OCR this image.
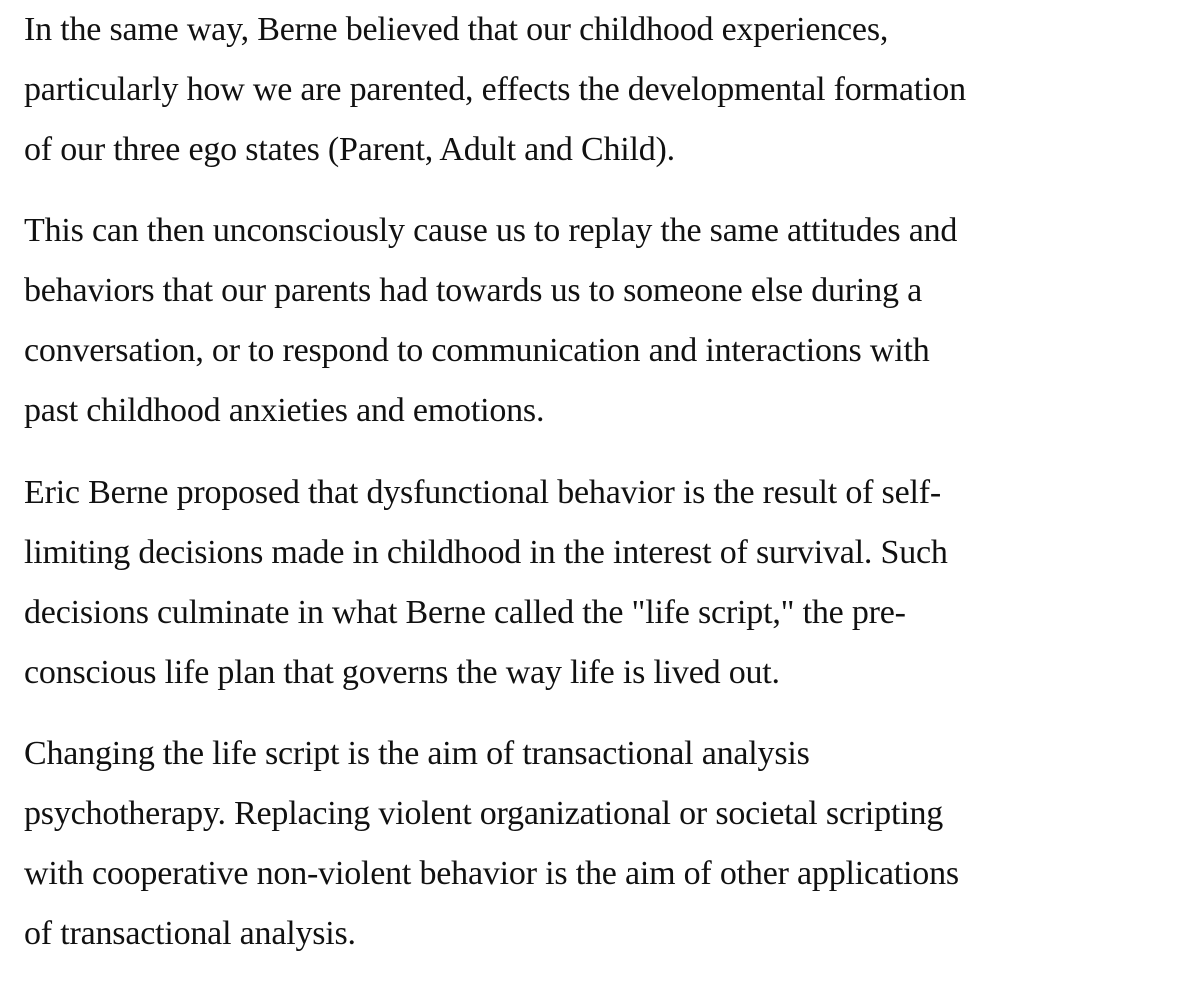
In the same way, Berne believed that our childhood experiences,
particularly how we are parented, effects the developmental formation
of our three ego states (Parent, Adult and Child).

This can then unconsciously cause us to replay the same attitudes and
behaviors that our parents had towards us to someone else during a
conversation, or to respond to communication and interactions with
past childhood anxieties and emotions.

Eric Berne proposed that dysfunctional behavior is the result of self-
limiting decisions made in childhood in the interest of survival. Such
decisions culminate in what Berne called the "life script," the pre-
conscious life plan that governs the way life is lived out.

Changing the life script is the aim of transactional analysis
psychotherapy. Replacing violent organizational or societal scripting
with cooperative non-violent behavior is the aim of other applications
of transactional analysis.
